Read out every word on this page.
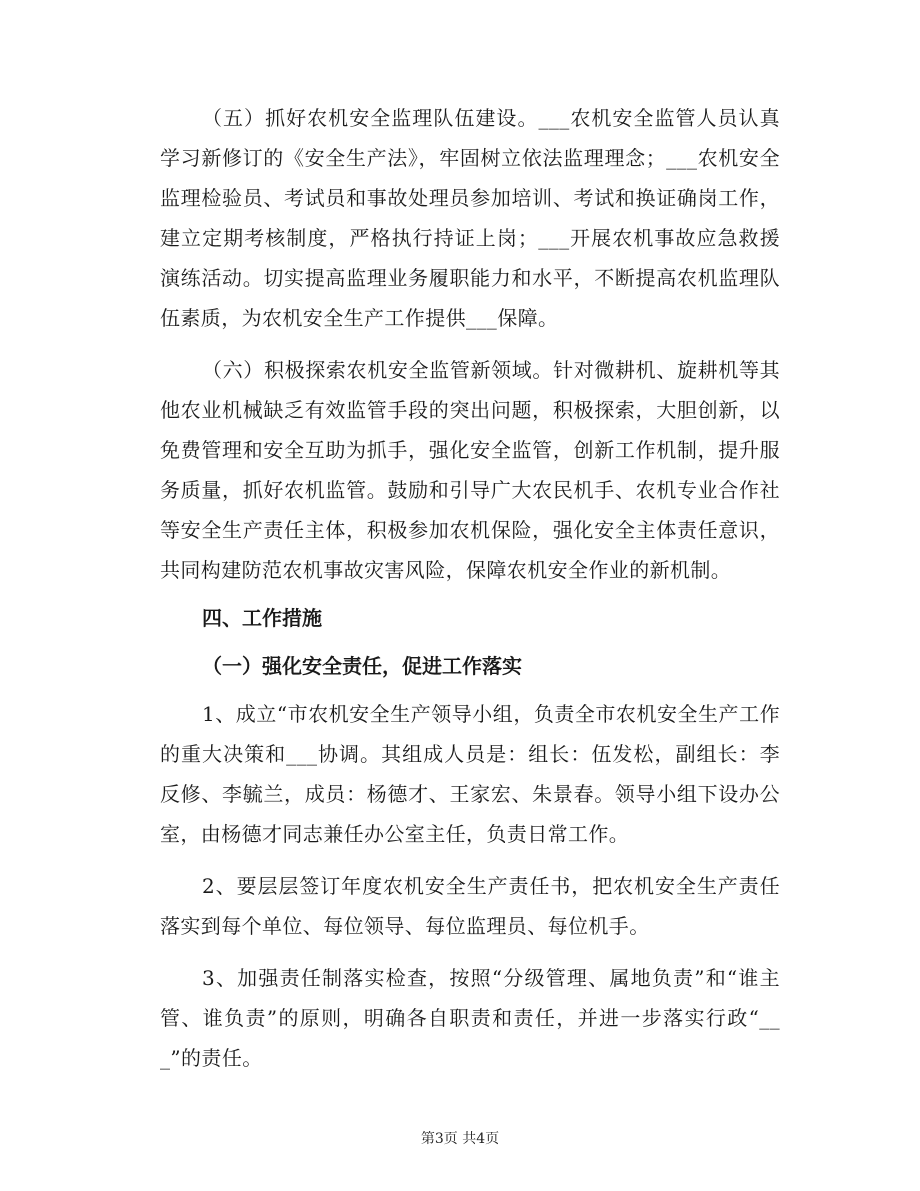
（五）抓好农机安全监理队伍建设。___农机安全监管人员认真学习新修订的《安全生产法》，牢固树立依法监理理念；___农机安全监理检验员、考试员和事故处理员参加培训、考试和换证确岗工作，建立定期考核制度，严格执行持证上岗；___开展农机事故应急救援演练活动。切实提高监理业务履职能力和水平，不断提高农机监理队伍素质，为农机安全生产工作提供___保障。

（六）积极探索农机安全监管新领域。针对微耕机、旋耕机等其他农业机械缺乏有效监管手段的突出问题，积极探索，大胆创新，以免费管理和安全互助为抓手，强化安全监管，创新工作机制，提升服务质量，抓好农机监管。鼓励和引导广大农民机手、农机专业合作社等安全生产责任主体，积极参加农机保险，强化安全主体责任意识，共同构建防范农机事故灾害风险，保障农机安全作业的新机制。

四、工作措施
（一）强化安全责任，促进工作落实

1、成立“市农机安全生产领导小组，负责全市农机安全生产工作的重大决策和___协调。其组成人员是：组长：伍发松，副组长：李反修、李毓兰，成员：杨德才、王家宏、朱景春。领导小组下设办公室，由杨德才同志兼任办公室主任，负责日常工作。

2、要层层签订年度农机安全生产责任书，把农机安全生产责任落实到每个单位、每位领导、每位监理员、每位机手。

3、加强责任制落实检查，按照“分级管理、属地负责”和“谁主管、谁负责”的原则，明确各自职责和责任，并进一步落实行政“___”的责任。

第3页 共4页
